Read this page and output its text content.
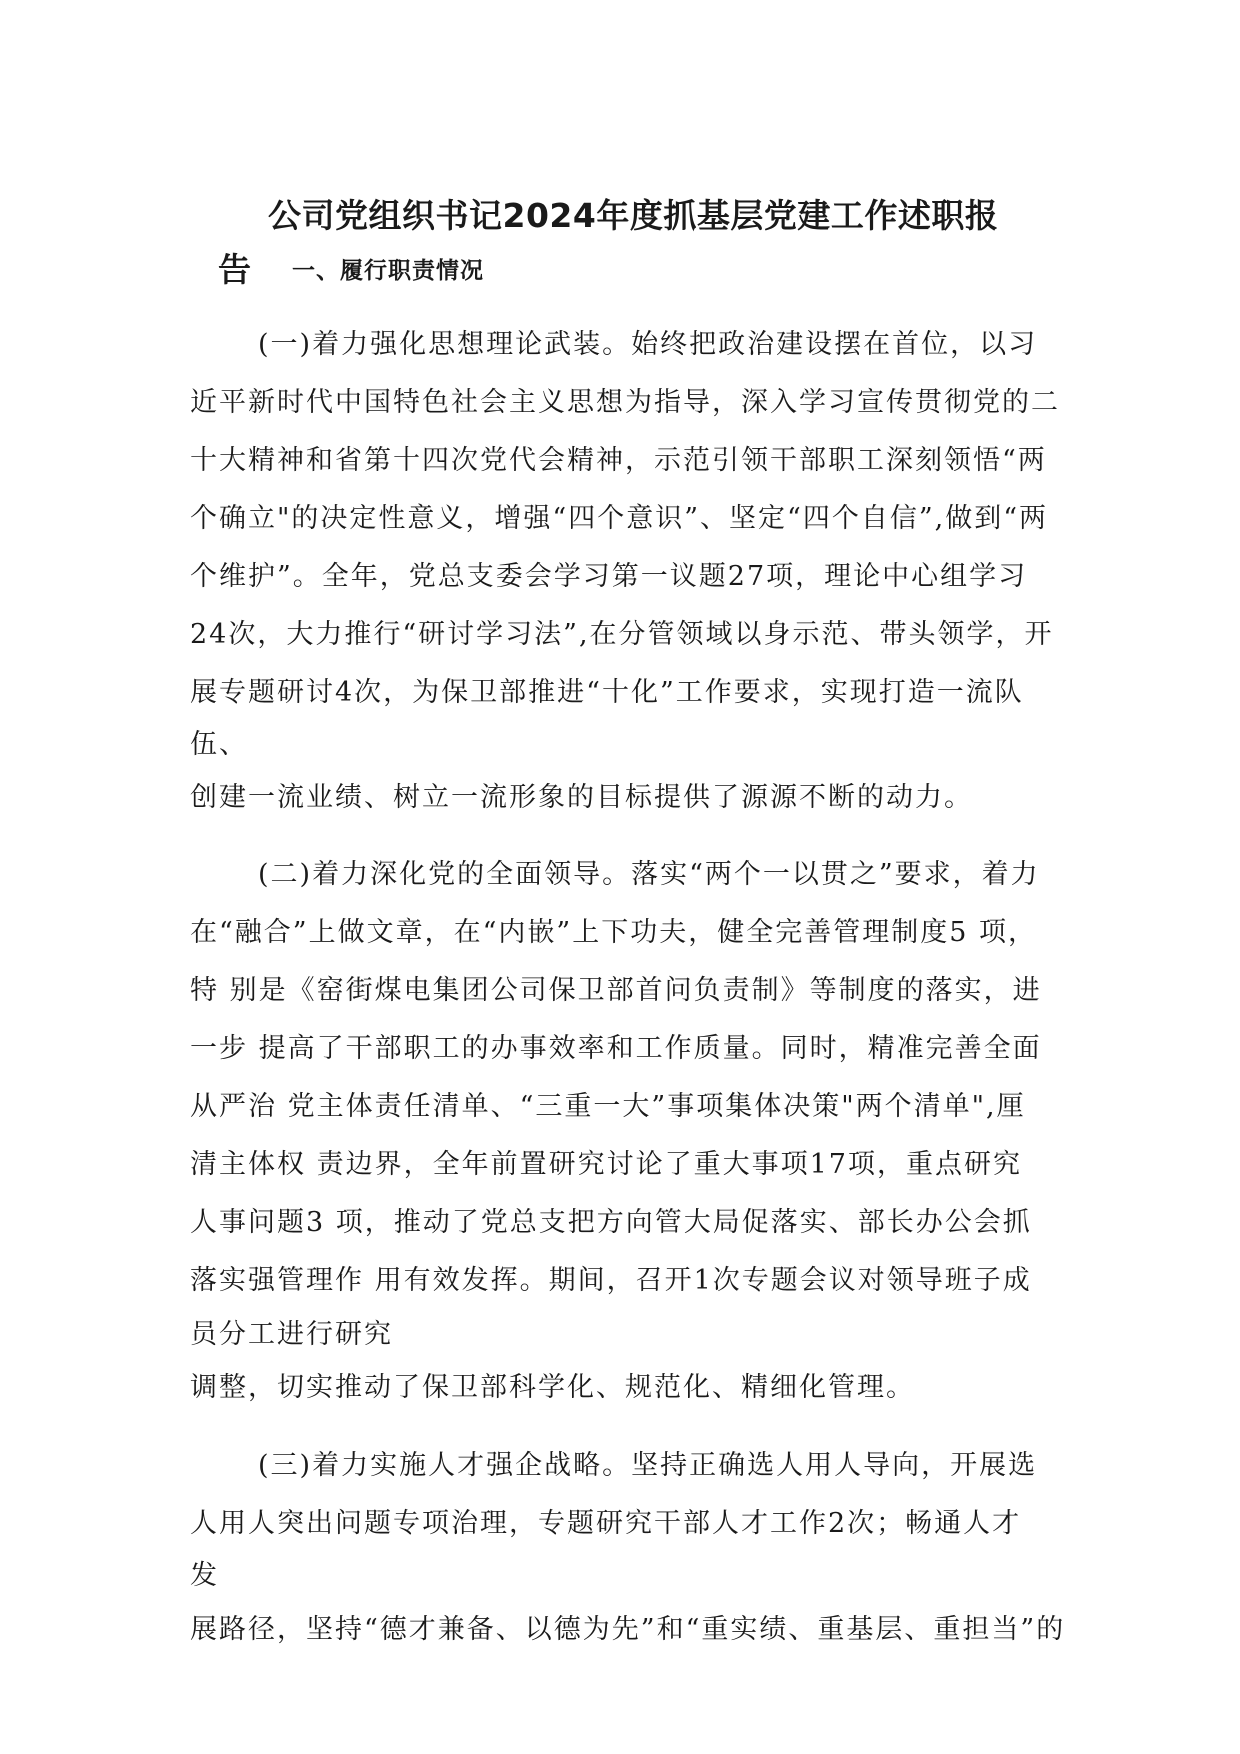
公司党组织书记2024年度抓基层党建工作述职报
告 一、履行职责情况
(一)着力强化思想理论武装。始终把政治建设摆在首位，以习
近平新时代中国特色社会主义思想为指导，深入学习宣传贯彻党的二
十大精神和省第十四次党代会精神，示范引领干部职工深刻领悟“两
个确立"的决定性意义，增强“四个意识”、坚定“四个自信”,做到“两
个维护”。全年，党总支委会学习第一议题27项，理论中心组学习
24次，大力推行“研讨学习法”,在分管领域以身示范、带头领学，开
展专题研讨4次，为保卫部推进“十化”工作要求，实现打造一流队
伍、
创建一流业绩、树立一流形象的目标提供了源源不断的动力。
(二)着力深化党的全面领导。落实“两个一以贯之”要求，着力
在“融合”上做文章，在“内嵌”上下功夫，健全完善管理制度5 项，
特 别是《窑街煤电集团公司保卫部首问负责制》等制度的落实，进
一步 提高了干部职工的办事效率和工作质量。同时，精准完善全面
从严治 党主体责任清单、“三重一大”事项集体决策"两个清单",厘
清主体权 责边界，全年前置研究讨论了重大事项17项，重点研究
人事问题3 项，推动了党总支把方向管大局促落实、部长办公会抓
落实强管理作 用有效发挥。期间，召开1次专题会议对领导班子成
员分工进行研究
调整，切实推动了保卫部科学化、规范化、精细化管理。
(三)着力实施人才强企战略。坚持正确选人用人导向，开展选
人用人突出问题专项治理，专题研究干部人才工作2次；畅通人才
发
展路径，坚持“德才兼备、以德为先”和“重实绩、重基层、重担当”的
